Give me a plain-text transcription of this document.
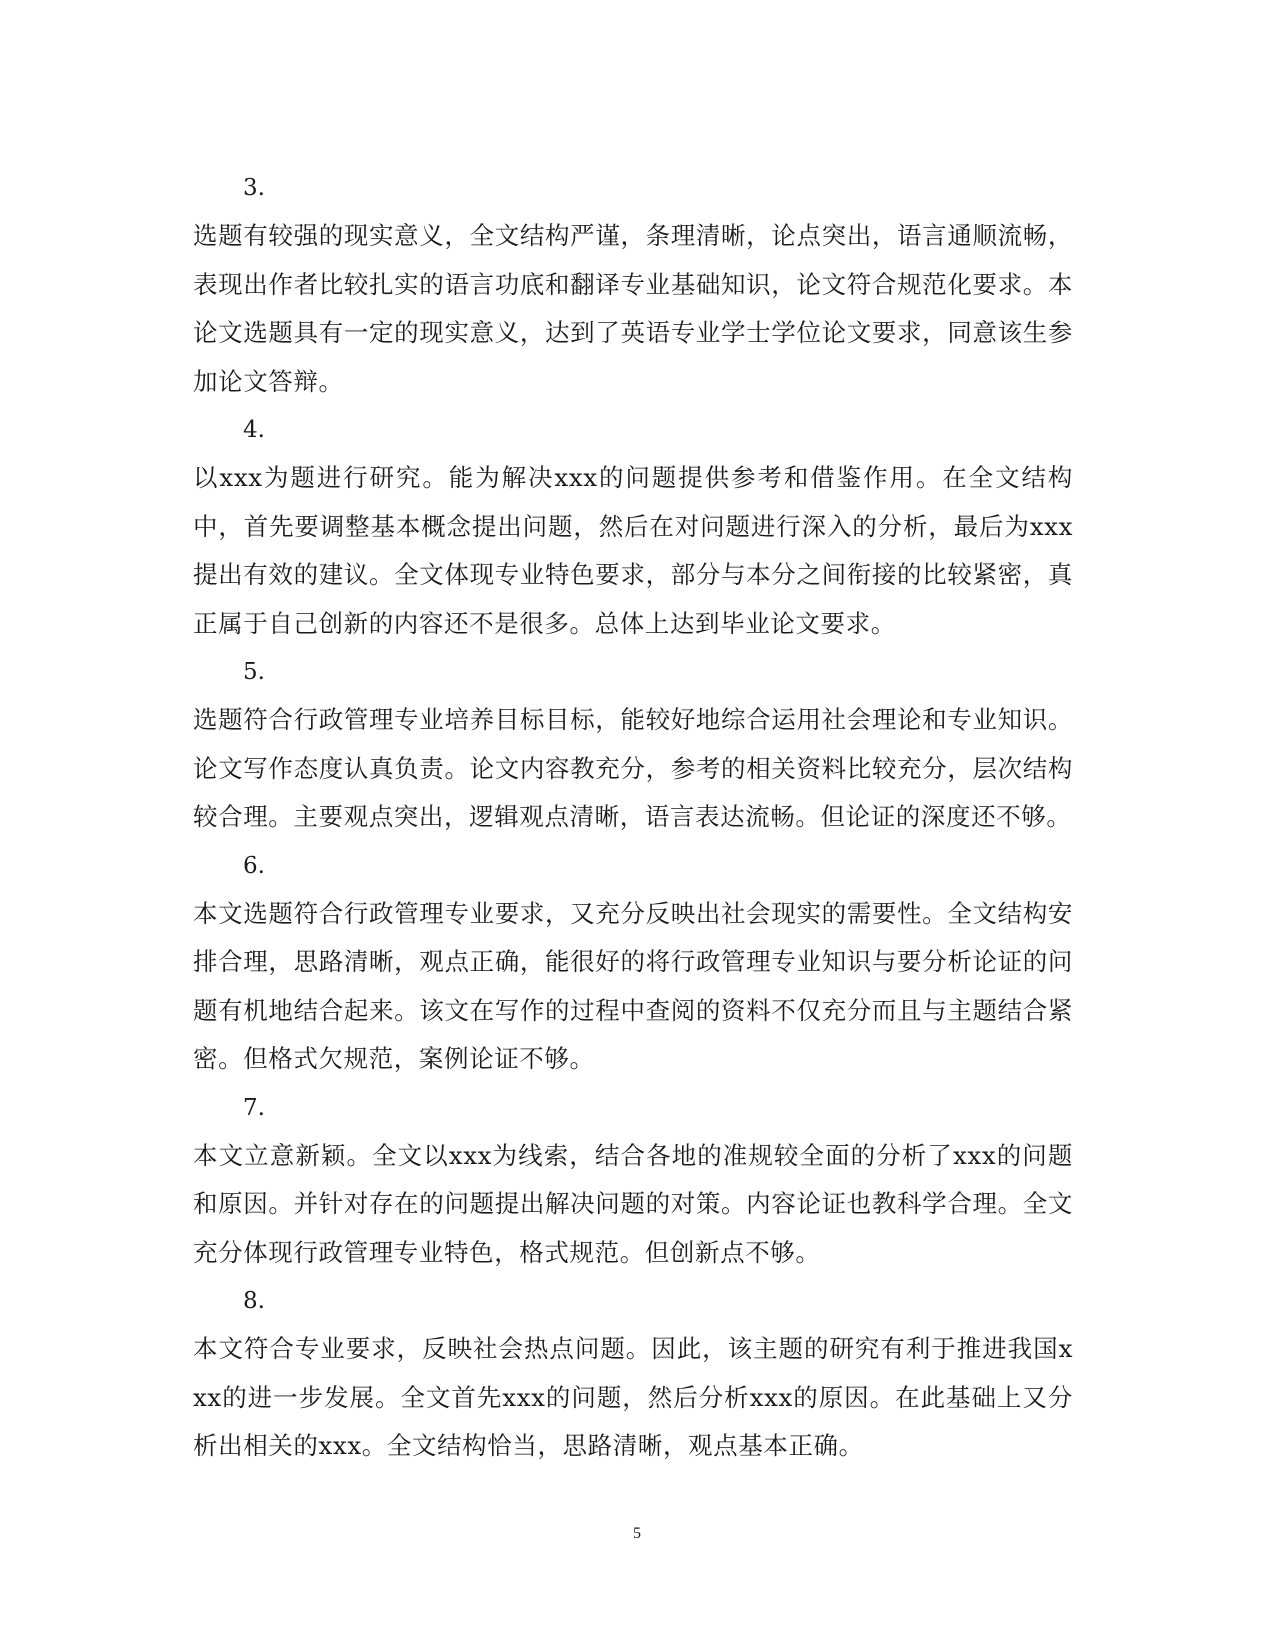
3.

选题有较强的现实意义，全文结构严谨，条理清晰，论点突出，语言通顺流畅，表现出作者比较扎实的语言功底和翻译专业基础知识，论文符合规范化要求。本论文选题具有一定的现实意义，达到了英语专业学士学位论文要求，同意该生参加论文答辩。

4.

以xxx为题进行研究。能为解决xxx的问题提供参考和借鉴作用。在全文结构中，首先要调整基本概念提出问题，然后在对问题进行深入的分析，最后为xxx提出有效的建议。全文体现专业特色要求，部分与本分之间衔接的比较紧密，真正属于自己创新的内容还不是很多。总体上达到毕业论文要求。

5.

选题符合行政管理专业培养目标目标，能较好地综合运用社会理论和专业知识。论文写作态度认真负责。论文内容教充分，参考的相关资料比较充分，层次结构较合理。主要观点突出，逻辑观点清晰，语言表达流畅。但论证的深度还不够。

6.

本文选题符合行政管理专业要求，又充分反映出社会现实的需要性。全文结构安排合理，思路清晰，观点正确，能很好的将行政管理专业知识与要分析论证的问题有机地结合起来。该文在写作的过程中查阅的资料不仅充分而且与主题结合紧密。但格式欠规范，案例论证不够。

7.

本文立意新颖。全文以xxx为线索，结合各地的准规较全面的分析了xxx的问题和原因。并针对存在的问题提出解决问题的对策。内容论证也教科学合理。全文充分体现行政管理专业特色，格式规范。但创新点不够。

8.

本文符合专业要求，反映社会热点问题。因此，该主题的研究有利于推进我国xxx的进一步发展。全文首先xxx的问题，然后分析xxx的原因。在此基础上又分析出相关的xxx。全文结构恰当，思路清晰，观点基本正确。

5
